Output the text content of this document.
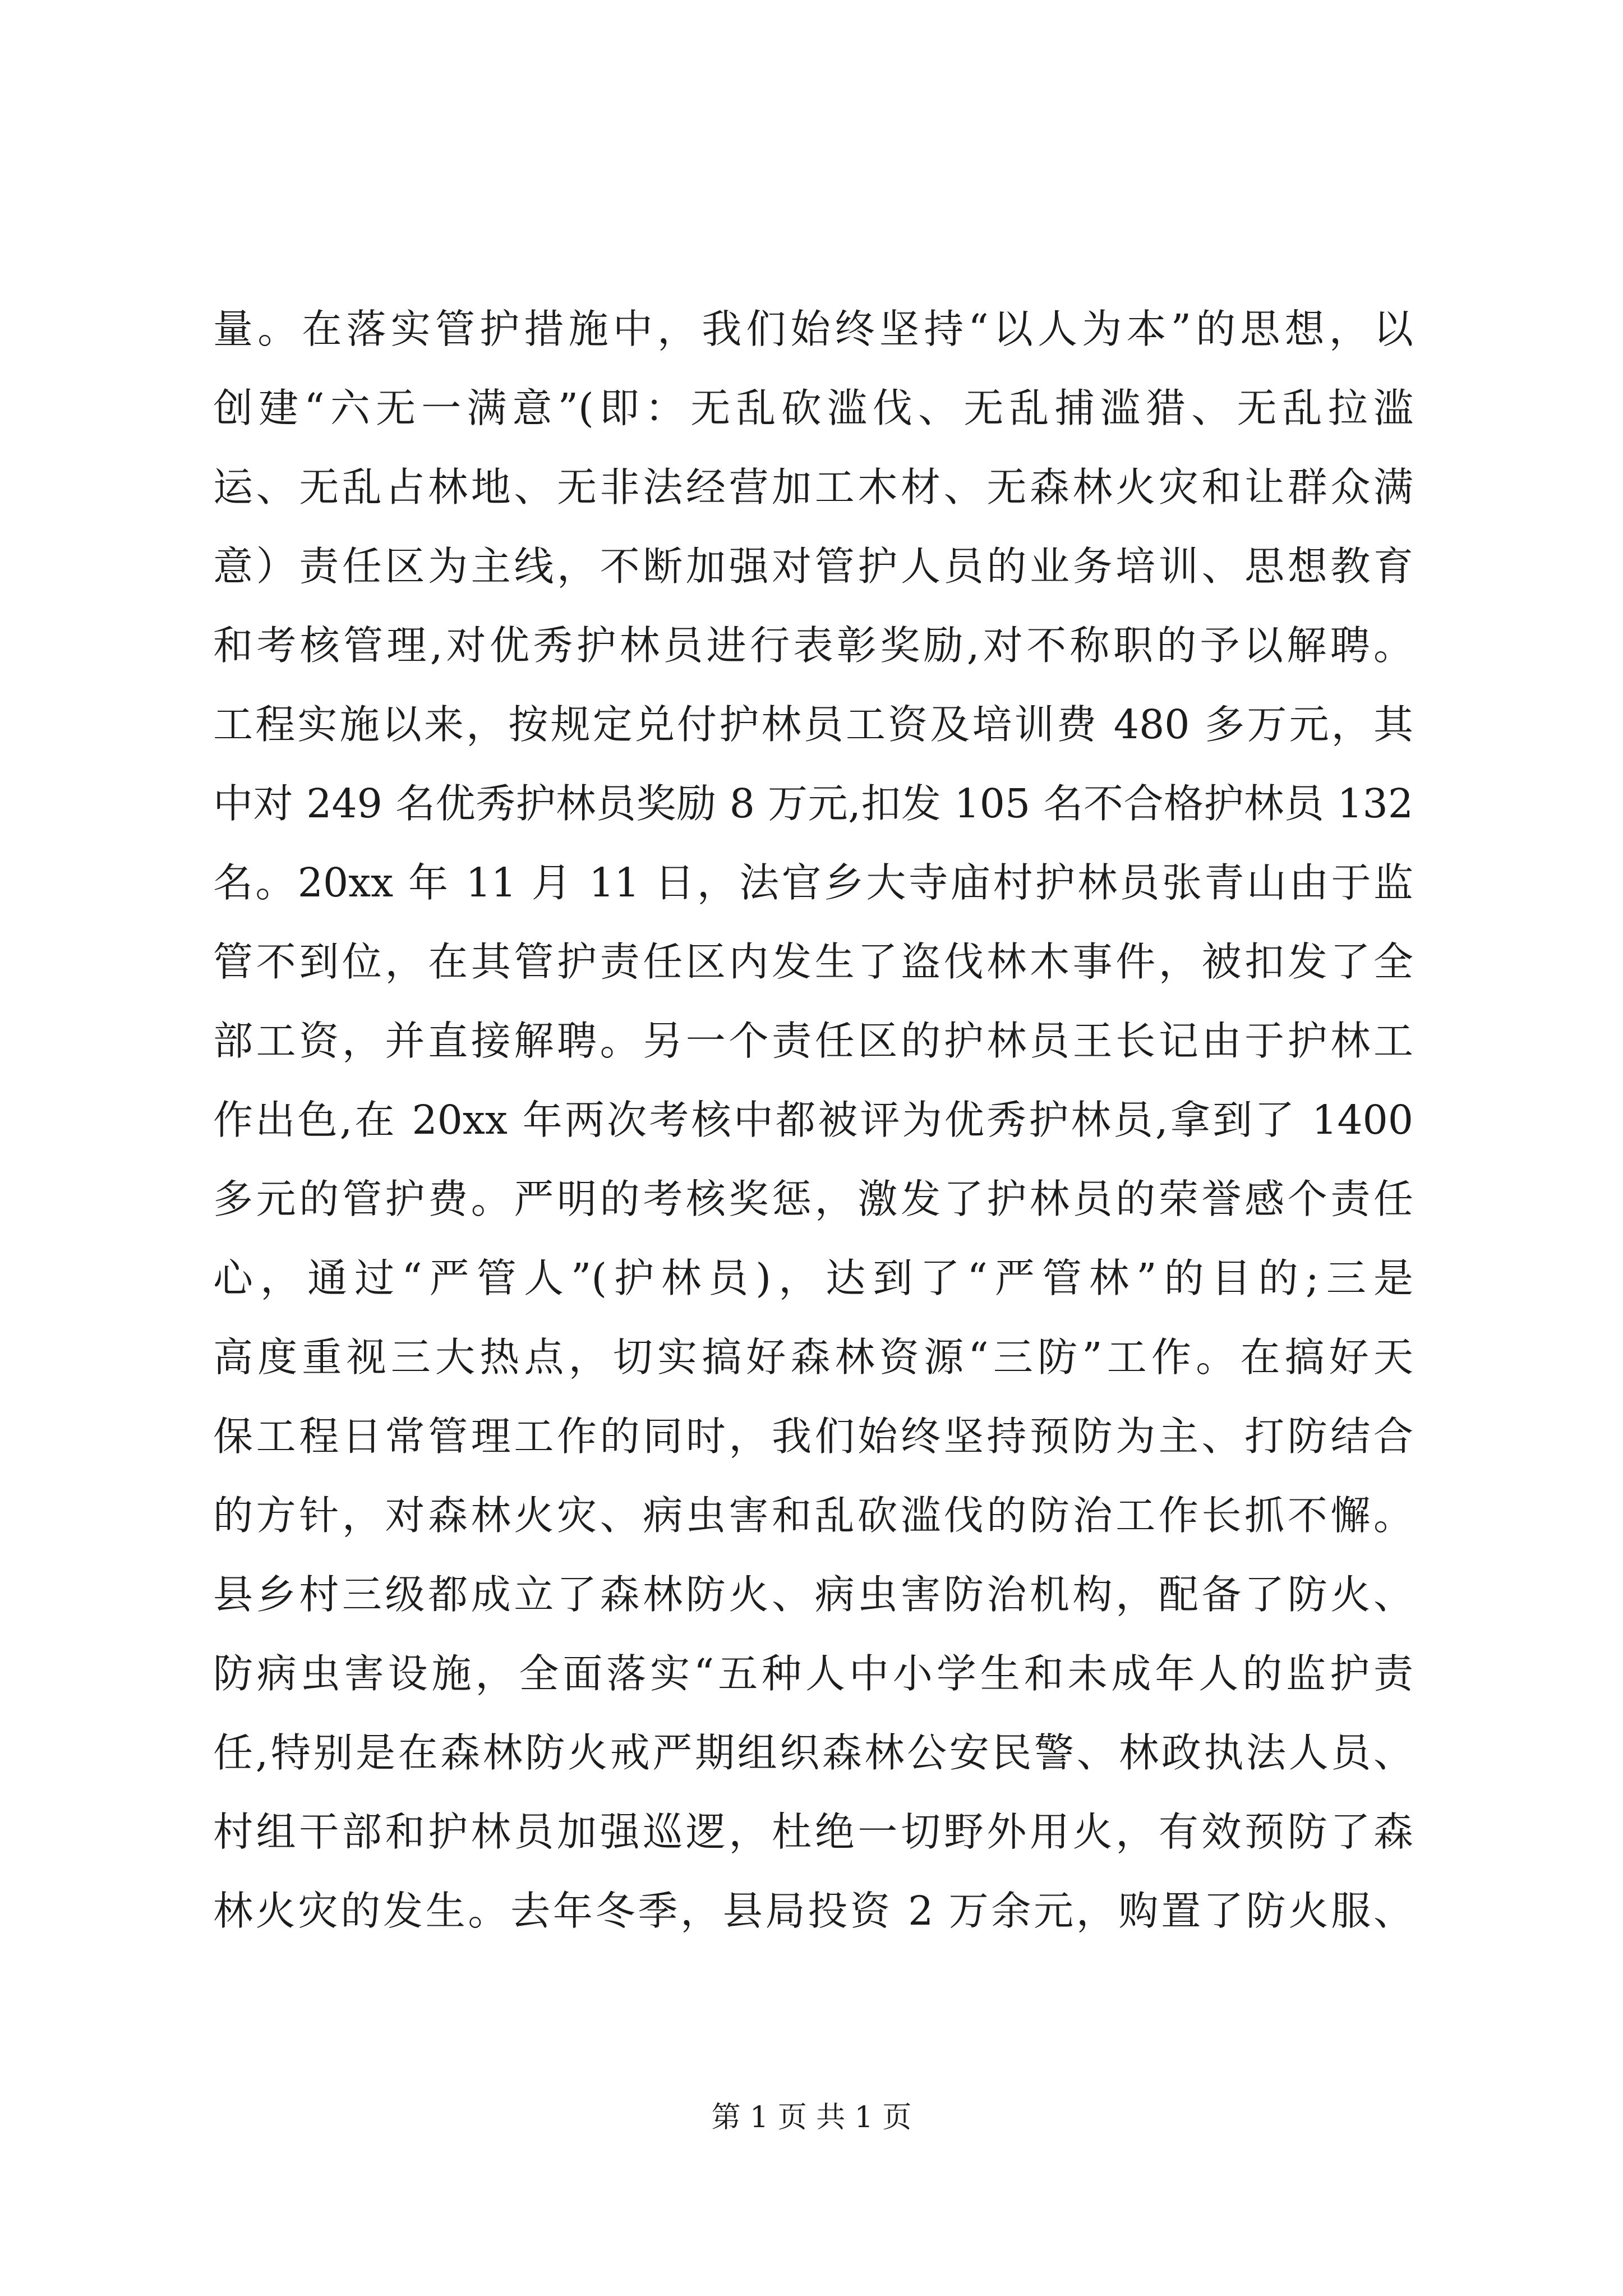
量。在落实管护措施中，我们始终坚持“以人为本”的思想，以
创建“六无一满意”(即：无乱砍滥伐、无乱捕滥猎、无乱拉滥
运、无乱占林地、无非法经营加工木材、无森林火灾和让群众满
意）责任区为主线，不断加强对管护人员的业务培训、思想教育
和考核管理,对优秀护林员进行表彰奖励,对不称职的予以解聘。
工程实施以来，按规定兑付护林员工资及培训费 480 多万元，其
中对 249 名优秀护林员奖励 8 万元,扣发 105 名不合格护林员 132
名。20xx 年 11 月 11 日，法官乡大寺庙村护林员张青山由于监
管不到位，在其管护责任区内发生了盗伐林木事件，被扣发了全
部工资，并直接解聘。另一个责任区的护林员王长记由于护林工
作出色,在 20xx 年两次考核中都被评为优秀护林员,拿到了 1400
多元的管护费。严明的考核奖惩，激发了护林员的荣誉感个责任
心，通过“严管人”(护林员)，达到了“严管林”的目的;三是
高度重视三大热点，切实搞好森林资源“三防”工作。在搞好天
保工程日常管理工作的同时，我们始终坚持预防为主、打防结合
的方针，对森林火灾、病虫害和乱砍滥伐的防治工作长抓不懈。
县乡村三级都成立了森林防火、病虫害防治机构，配备了防火、
防病虫害设施，全面落实“五种人中小学生和未成年人的监护责
任,特别是在森林防火戒严期组织森林公安民警、林政执法人员、
村组干部和护林员加强巡逻，杜绝一切野外用火，有效预防了森
林火灾的发生。去年冬季，县局投资 2 万余元，购置了防火服、
第 1 页 共 1 页
